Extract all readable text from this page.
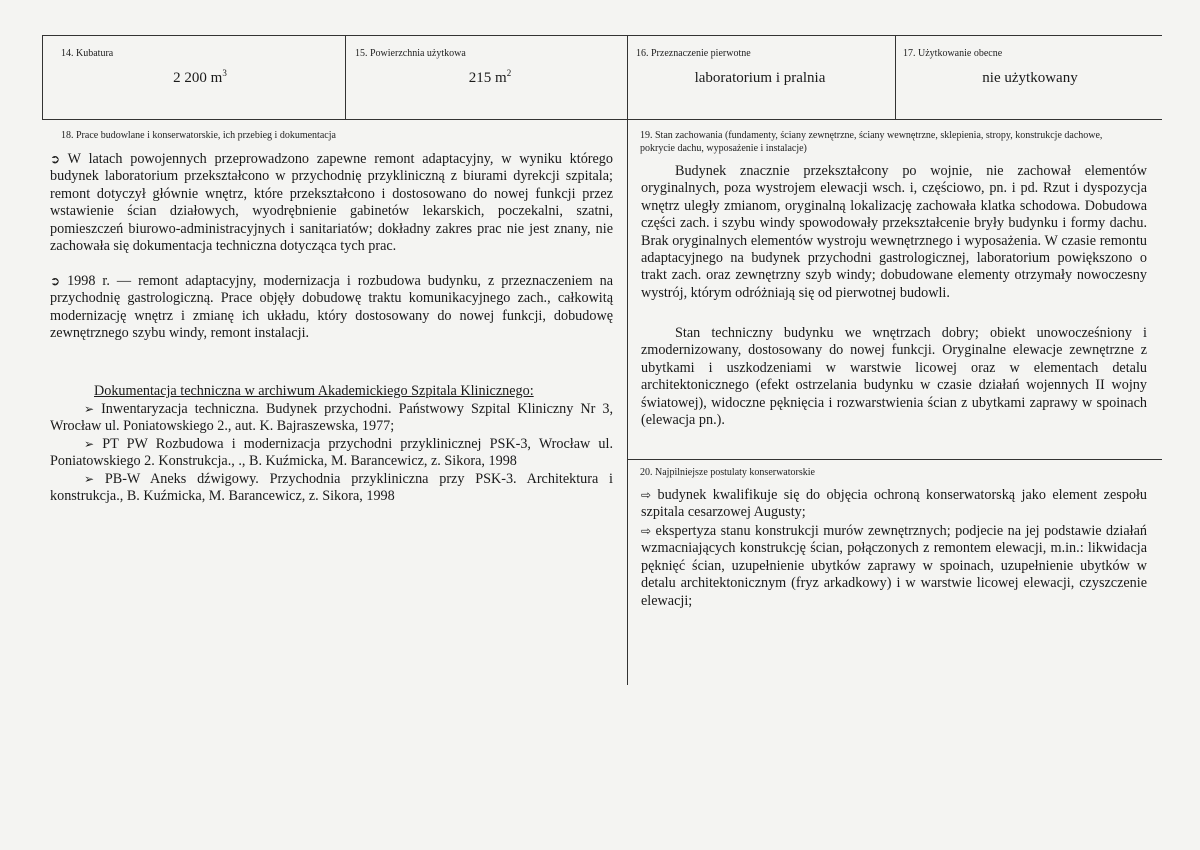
14. Kubatura
2 200 $m^3$
15. Powierzchnia użytkowa
215 $m^2$
16. Przeznaczenie pierwotne
laboratorium i pralnia
17. Użytkowanie obecne
nie użytkowany
18. Prace budowlane i konserwatorskie, ich przebieg i dokumentacja

➲ W latach powojennych przeprowadzono zapewne remont adaptacyjny, w wyniku którego budynek laboratorium przekształcono w przychodnię przykliniczną z biurami dyrekcji szpitala; remont dotyczył głównie wnętrz, które przekształcono i dostosowano do nowej funkcji przez wstawienie ścian działowych, wyodrębnienie gabinetów lekarskich, poczekalni, szatni, pomieszczeń biurowo-administracyjnych i sanitariatów; dokładny zakres prac nie jest znany, nie zachowała się dokumentacja techniczna dotycząca tych prac.

➲ 1998 r. — remont adaptacyjny, modernizacja i rozbudowa budynku, z przeznaczeniem na przychodnię gastrologiczną. Prace objęły dobudowę traktu komunikacyjnego zach., całkowitą modernizację wnętrz i zmianę ich układu, który dostosowany do nowej funkcji, dobudowę zewnętrznego szybu windy, remont instalacji.

Dokumentacja techniczna w archiwum Akademickiego Szpitala Klinicznego:

➢ Inwentaryzacja techniczna. Budynek przychodni. Państwowy Szpital Kliniczny Nr 3, Wrocław ul. Poniatowskiego 2., aut. K. Bajraszewska, 1977;

➢ PT PW Rozbudowa i modernizacja przychodni przyklinicznej PSK-3, Wrocław ul. Poniatowskiego 2. Konstrukcja., ., B. Kuźmicka, M. Barancewicz, z. Sikora, 1998

➢ PB-W Aneks dźwigowy. Przychodnia przykliniczna przy PSK-3. Architektura i konstrukcja., B. Kuźmicka, M. Barancewicz, z. Sikora, 1998

19. Stan zachowania (fundamenty, ściany zewnętrzne, ściany wewnętrzne, sklepienia, stropy, konstrukcje dachowe, pokrycie dachu, wyposażenie i instalacje)

Budynek znacznie przekształcony po wojnie, nie zachował elementów oryginalnych, poza wystrojem elewacji wsch. i, częściowo, pn. i pd. Rzut i dyspozycja wnętrz uległy zmianom, oryginalną lokalizację zachowała klatka schodowa. Dobudowa części zach. i szybu windy spowodowały przekształcenie bryły budynku i formy dachu. Brak oryginalnych elementów wystroju wewnętrznego i wyposażenia. W czasie remontu adaptacyjnego na budynek przychodni gastrologicznej, laboratorium powiększono o trakt zach. oraz zewnętrzny szyb windy; dobudowane elementy otrzymały nowoczesny wystrój, którym odróżniają się od pierwotnej budowli.

Stan techniczny budynku we wnętrzach dobry; obiekt unowocześniony i zmodernizowany, dostosowany do nowej funkcji. Oryginalne elewacje zewnętrzne z ubytkami i uszkodzeniami w warstwie licowej oraz w elementach detalu architektonicznego (efekt ostrzelania budynku w czasie działań wojennych II wojny światowej), widoczne pęknięcia i rozwarstwienia ścian z ubytkami zaprawy w spoinach (elewacja pn.).

20. Najpilniejsze postulaty konserwatorskie

⇨ budynek kwalifikuje się do objęcia ochroną konserwatorską jako element zespołu szpitala cesarzowej Augusty;

⇨ ekspertyza stanu konstrukcji murów zewnętrznych; podjecie na jej podstawie działań wzmacniających konstrukcję ścian, połączonych z remontem elewacji, m.in.: likwidacja pęknięć ścian, uzupełnienie ubytków zaprawy w spoinach, uzupełnienie ubytków w detalu architektonicznym (fryz arkadkowy) i w warstwie licowej elewacji, czyszczenie elewacji;
